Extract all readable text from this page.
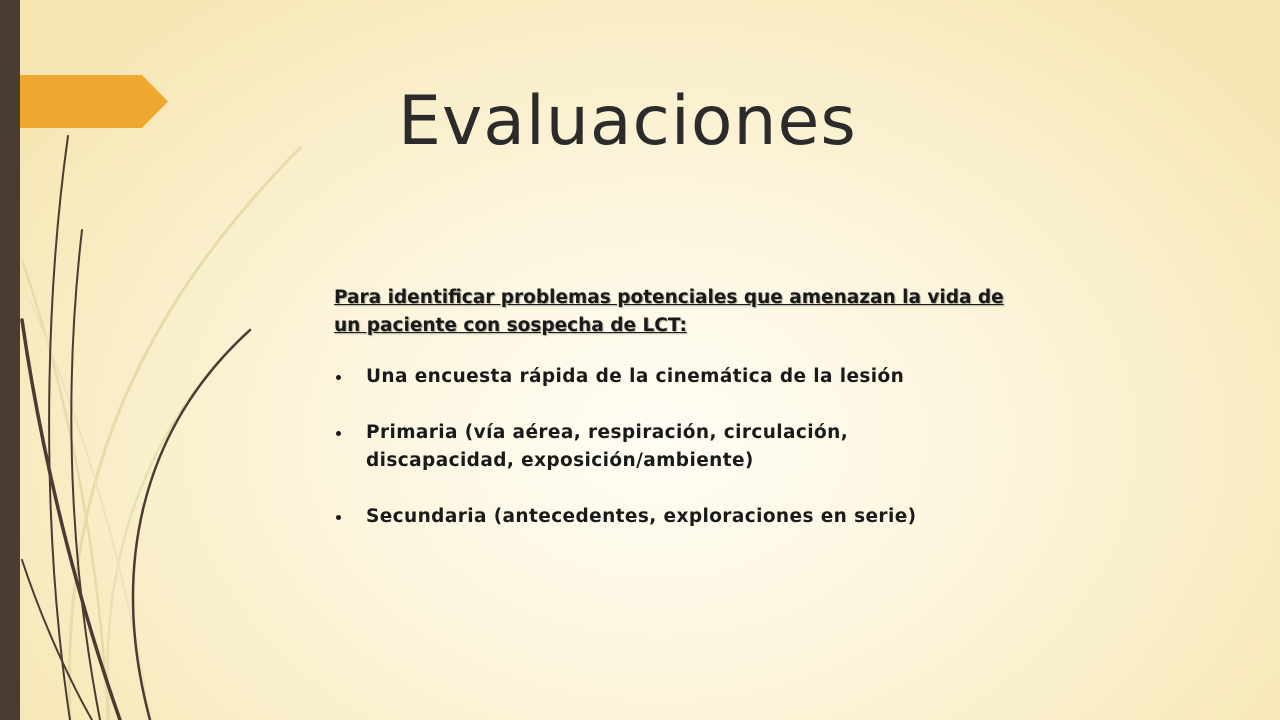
Evaluaciones

Para identificar problemas potenciales que amenazan la vida de un paciente con sospecha de LCT:

Una encuesta rápida de la cinemática de la lesión
Primaria (vía aérea, respiración, circulación, discapacidad, exposición/ambiente)
Secundaria (antecedentes, exploraciones en serie)
